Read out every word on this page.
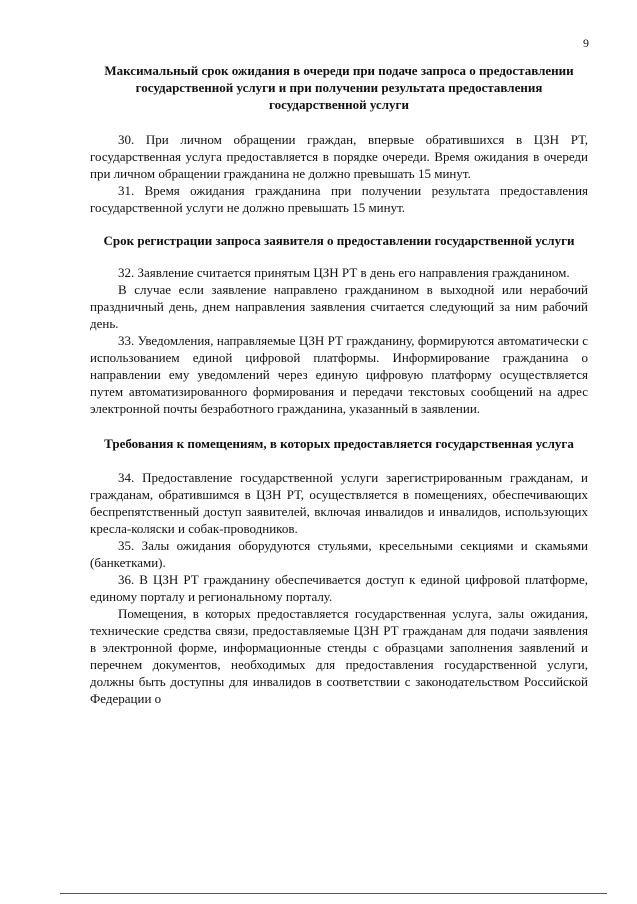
9
Максимальный срок ожидания в очереди при подаче запроса о предоставлении государственной услуги и при получении результата предоставления государственной услуги

30. При личном обращении граждан, впервые обратившихся в ЦЗН РТ, государственная услуга предоставляется в порядке очереди. Время ожидания в очереди при личном обращении гражданина не должно превышать 15 минут.

31. Время ожидания гражданина при получении результата предоставления государственной услуги не должно превышать 15 минут.

Срок регистрации запроса заявителя о предоставлении государственной услуги

32. Заявление считается принятым ЦЗН РТ в день его направления гражданином.

В случае если заявление направлено гражданином в выходной или нерабочий праздничный день, днем направления заявления считается следующий за ним рабочий день.

33. Уведомления, направляемые ЦЗН РТ гражданину, формируются автоматически с использованием единой цифровой платформы. Информирование гражданина о направлении ему уведомлений через единую цифровую платформу осуществляется путем автоматизированного формирования и передачи текстовых сообщений на адрес электронной почты безработного гражданина, указанный в заявлении.

Требования к помещениям, в которых предоставляется государственная услуга

34. Предоставление государственной услуги зарегистрированным гражданам, и гражданам, обратившимся в ЦЗН РТ, осуществляется в помещениях, обеспечивающих беспрепятственный доступ заявителей, включая инвалидов и инвалидов, использующих кресла-коляски и собак-проводников.

35. Залы ожидания оборудуются стульями, кресельными секциями и скамьями (банкетками).

36. В ЦЗН РТ гражданину обеспечивается доступ к единой цифровой платформе, единому порталу и региональному порталу.

Помещения, в которых предоставляется государственная услуга, залы ожидания, технические средства связи, предоставляемые ЦЗН РТ гражданам для подачи заявления в электронной форме, информационные стенды с образцами заполнения заявлений и перечнем документов, необходимых для предоставления государственной услуги, должны быть доступны для инвалидов в соответствии с законодательством Российской Федерации о
